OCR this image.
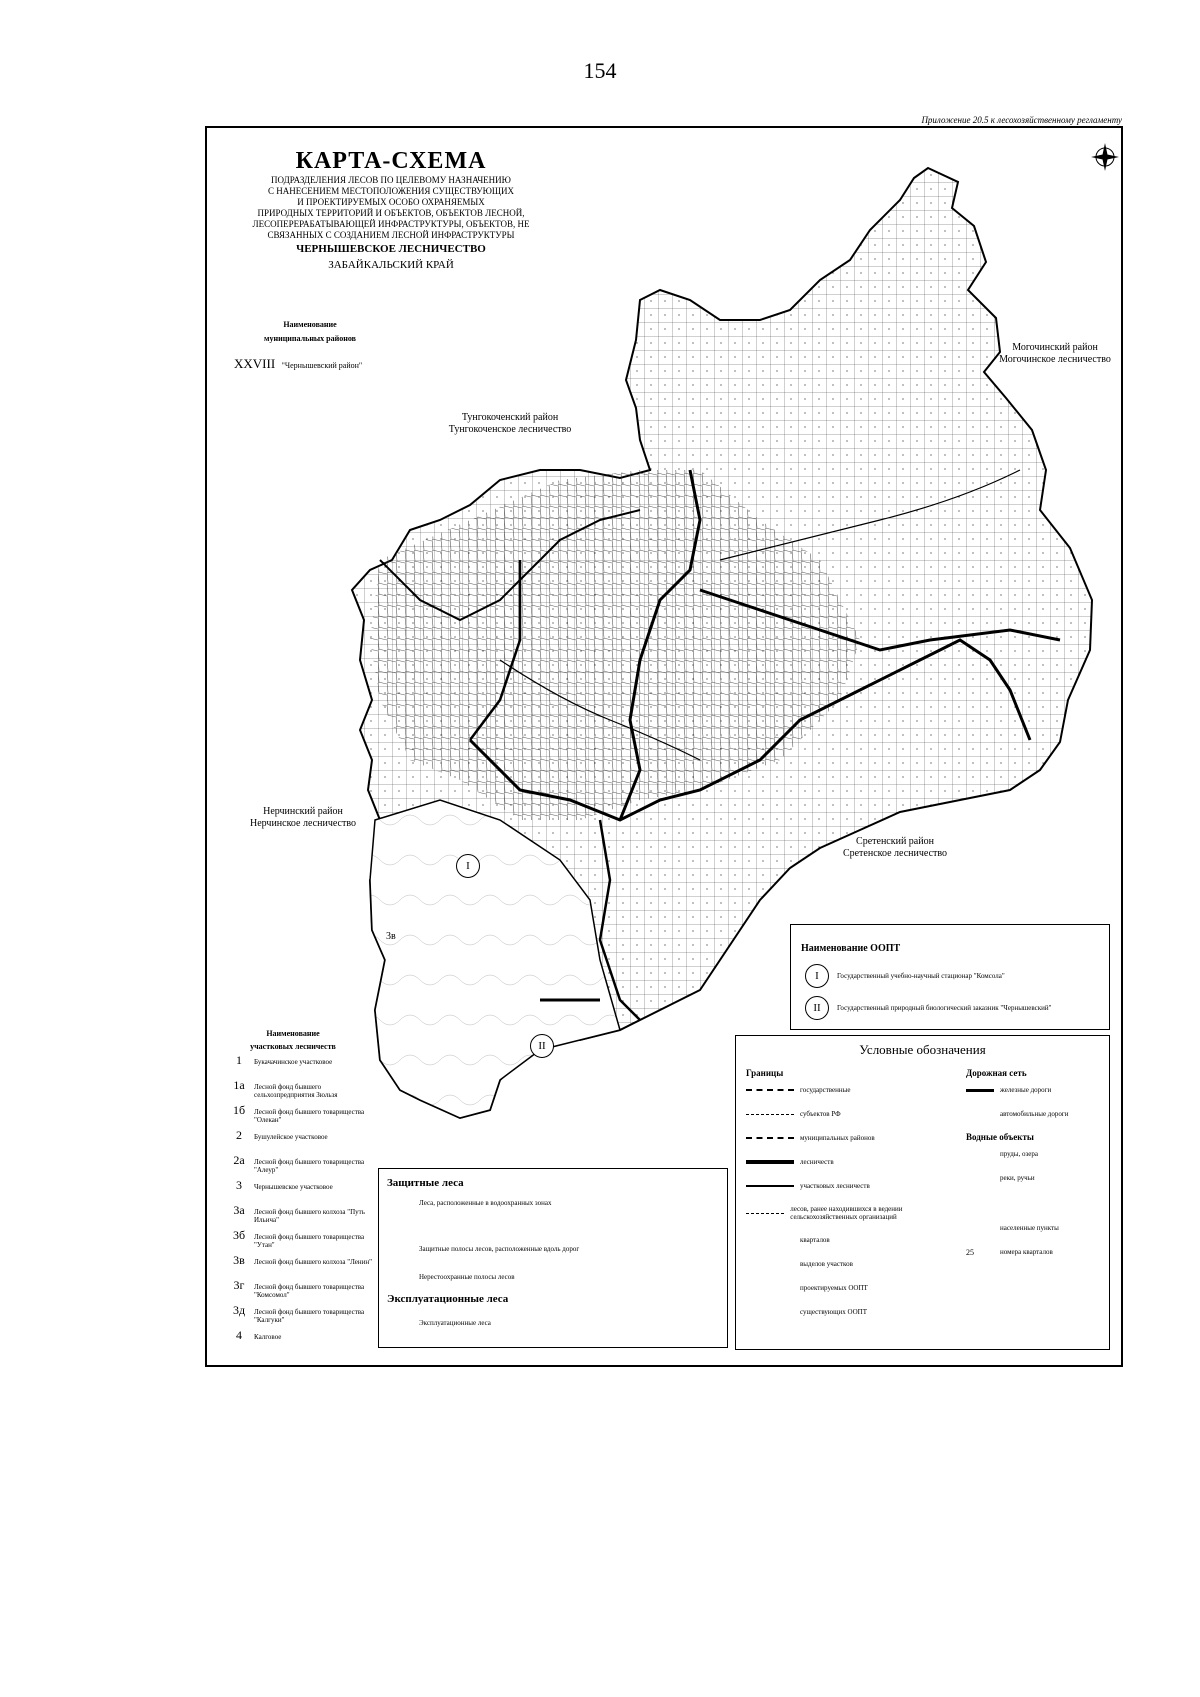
154
Приложение 20.5 к лесохозяйственному регламенту
КАРТА-СХЕМА
ПОДРАЗДЕЛЕНИЯ ЛЕСОВ ПО ЦЕЛЕВОМУ НАЗНАЧЕНИЮ
С НАНЕСЕНИЕМ МЕСТОПОЛОЖЕНИЯ СУЩЕСТВУЮЩИХ
И ПРОЕКТИРУЕМЫХ ОСОБО ОХРАНЯЕМЫХ
ПРИРОДНЫХ ТЕРРИТОРИЙ И ОБЪЕКТОВ, ОБЪЕКТОВ ЛЕСНОЙ,
ЛЕСОПЕРЕРАБАТЫВАЮЩЕЙ ИНФРАСТРУКТУРЫ, ОБЪЕКТОВ, НЕ
СВЯЗАННЫХ С СОЗДАНИЕМ ЛЕСНОЙ ИНФРАСТРУКТУРЫ
ЧЕРНЫШЕВСКОЕ ЛЕСНИЧЕСТВО
ЗАБАЙКАЛЬСКИЙ КРАЙ
Наименование
муниципальных районов
XXVIII "Чернышевский район"
Тунгокоченский район
Тунгокоченское лесничество
Могочинский район
Могочинское лесничество
Нерчинский район
Нерчинское лесничество
Сретенский район
Сретенское лесничество
I
II
3в
Наименование
участковых лесничеств
1	Букачачинское участковое
1а	Лесной фонд бывшего сельхозпредприятия Зюльзя
1б	Лесной фонд бывшего товарищества "Олекан"
2	Бушулейское участковое
2а	Лесной фонд бывшего товарищества "Алеур"
3	Чернышевское участковое
3а	Лесной фонд бывшего колхоза "Путь Ильича"
3б	Лесной фонд бывшего товарищества "Утан"
3в	Лесной фонд бывшего колхоза "Ленин"
3г	Лесной фонд бывшего товарищества "Комсомол"
3д	Лесной фонд бывшего товарищества "Калгуки"
4	Калговое
Наименование ООПТ
I	Государственный учебно-научный стационар "Комсола"
II	Государственный природный биологический заказник "Чернышевский"
Защитные леса
Леса, расположенные в водоохранных зонах
Защитные полосы лесов, расположенные вдоль дорог
Нерестоохранные полосы лесов
Эксплуатационные леса
Эксплуатационные леса
Условные обозначения
Границы
государственные
субъектов РФ
муниципальных районов
лесничеств
участковых лесничеств
лесов, ранее находившихся в ведении сельскохозяйственных организаций
кварталов
выделов участков
проектируемых ООПТ
существующих ООПТ
Дорожная сеть
железные дороги
автомобильные дороги
Водные объекты
пруды, озера
реки, ручьи
населенные пункты
25	номера кварталов
